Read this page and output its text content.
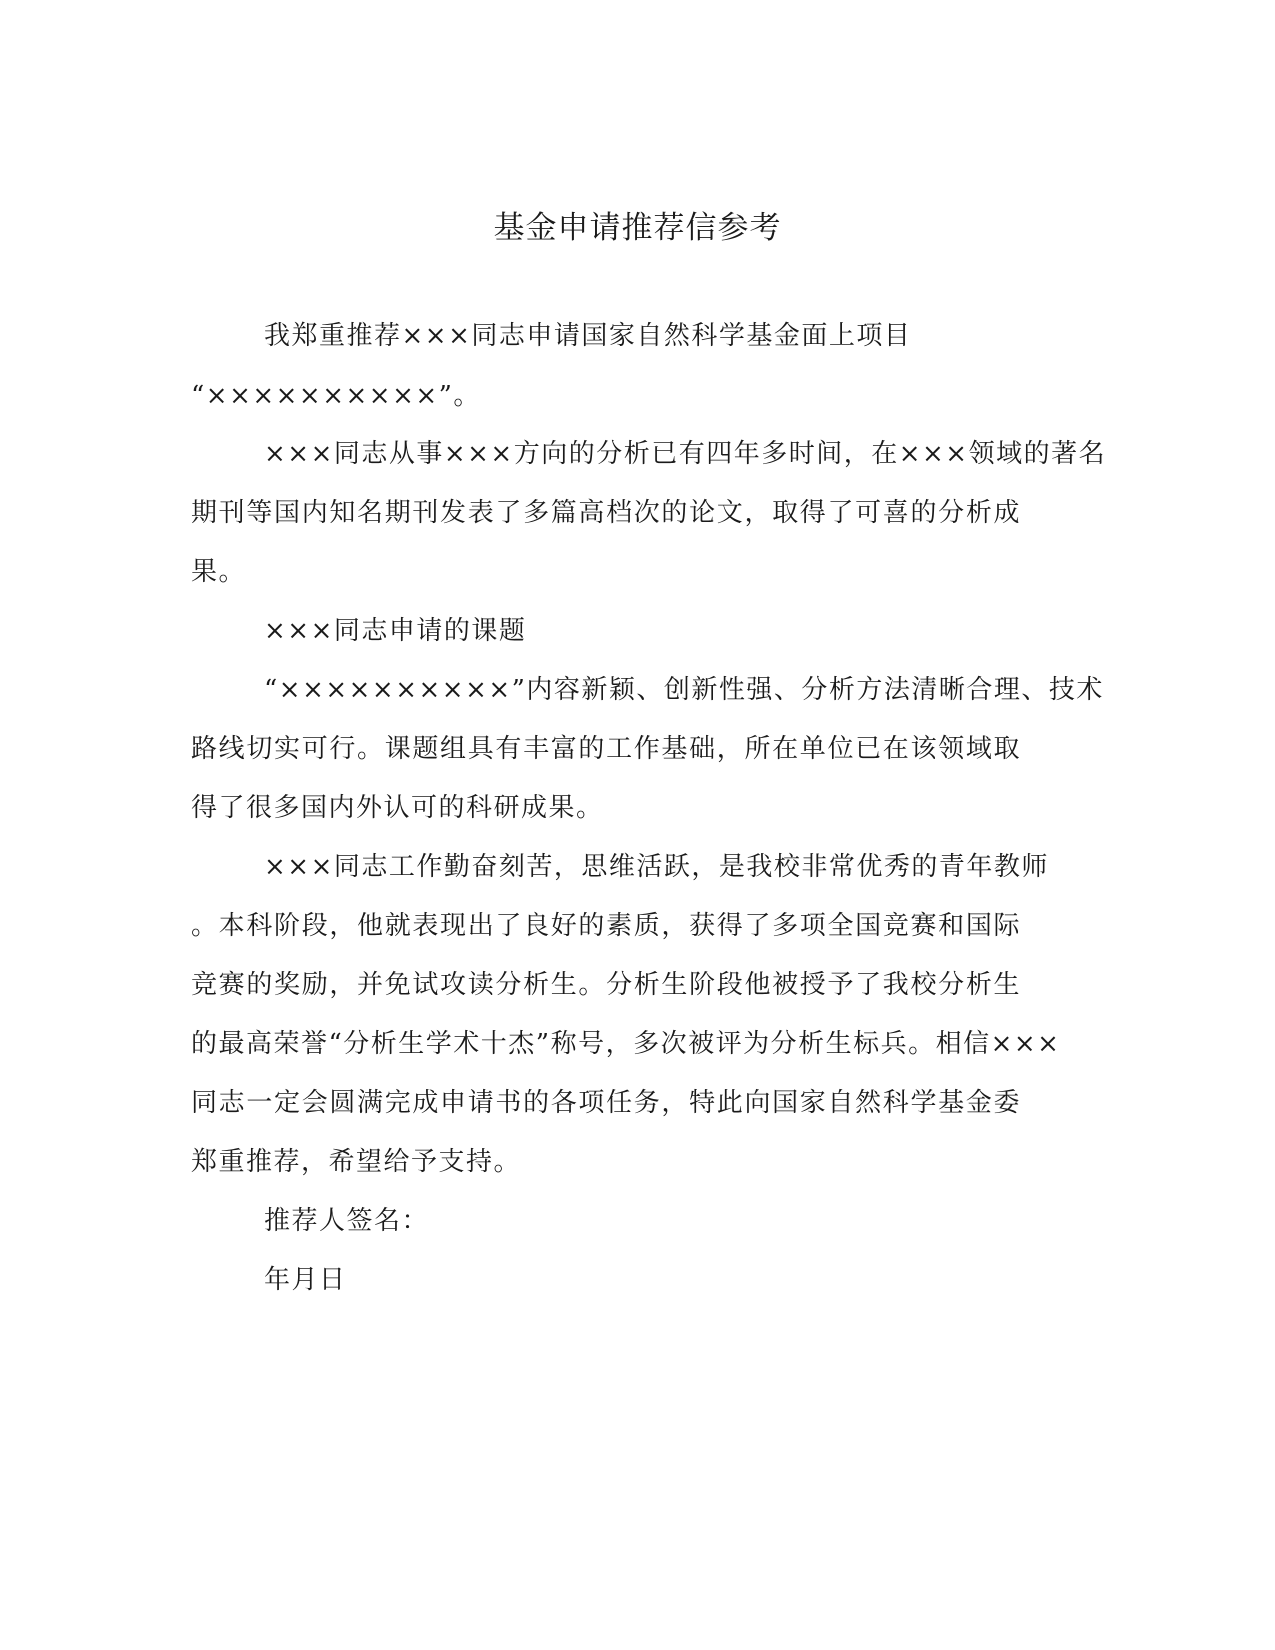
基金申请推荐信参考
我郑重推荐×××同志申请国家自然科学基金面上项目
“××××××××××”。
×××同志从事×××方向的分析已有四年多时间，在×××领域的著名
期刊等国内知名期刊发表了多篇高档次的论文，取得了可喜的分析成
果。
×××同志申请的课题
“××××××××××”内容新颖、创新性强、分析方法清晰合理、技术
路线切实可行。课题组具有丰富的工作基础，所在单位已在该领域取
得了很多国内外认可的科研成果。
×××同志工作勤奋刻苦，思维活跃，是我校非常优秀的青年教师
。本科阶段，他就表现出了良好的素质，获得了多项全国竞赛和国际
竞赛的奖励，并免试攻读分析生。分析生阶段他被授予了我校分析生
的最高荣誉“分析生学术十杰”称号，多次被评为分析生标兵。相信×××
同志一定会圆满完成申请书的各项任务，特此向国家自然科学基金委
郑重推荐，希望给予支持。
推荐人签名：
年月日
